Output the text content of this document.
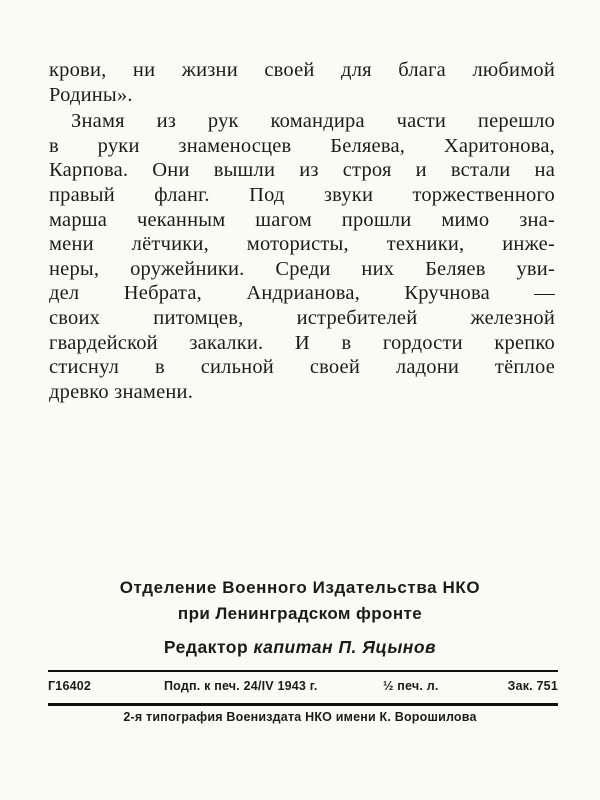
крови, ни жизни своей для блага любимой
Родины».
Знамя из рук командира части перешло
в руки знаменосцев Беляева, Харитонова,
Карпова. Они вышли из строя и встали на
правый фланг. Под звуки торжественного
марша чеканным шагом прошли мимо зна-
мени лётчики, мотористы, техники, инже-
неры, оружейники. Среди них Беляев уви-
дел Небрата, Андрианова, Кручнова —
своих питомцев, истребителей железной
гвардейской закалки. И в гордости крепко
стиснул в сильной своей ладони тёплое
древко знамени.
Отделение Военного Издательства НКО
при Ленинградском фронте
Редактор капитан П. Яцынов
Г16402	Подп. к печ. 24/IV 1943 г.	½ печ. л.	Зак. 751
2-я типография Воениздата НКО имени К. Ворошилова
